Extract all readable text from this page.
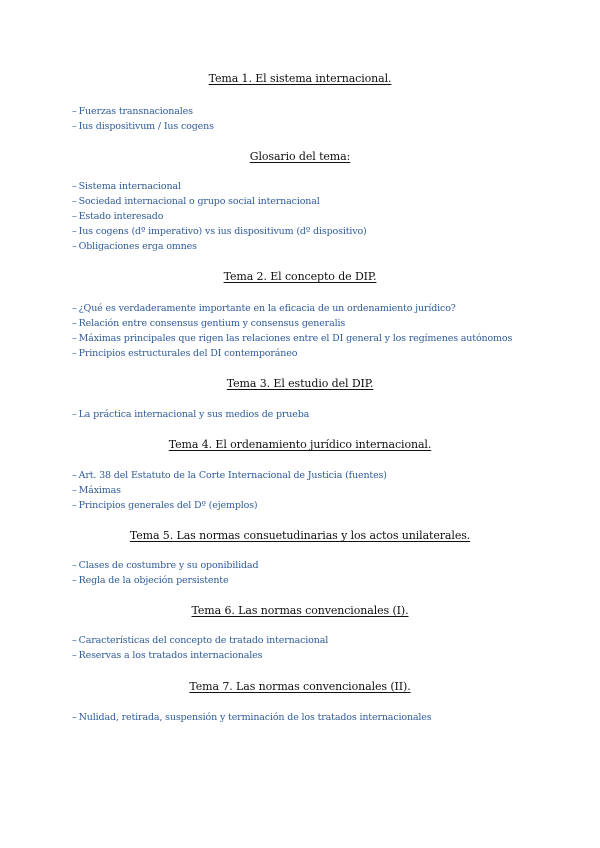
Tema 1. El sistema internacional.
– Fuerzas transnacionales
– Ius dispositivum / Ius cogens
Glosario del tema:
– Sistema internacional
– Sociedad internacional o grupo social internacional
– Estado interesado
– Ius cogens (dº imperativo) vs ius dispositivum (dº dispositivo)
– Obligaciones erga omnes
Tema 2. El concepto de DIP.
– ¿Qué es verdaderamente importante en la eficacia de un ordenamiento jurídico?
– Relación entre consensus gentium y consensus generalis
– Máximas principales que rigen las relaciones entre el DI general y los regímenes autónomos
– Principios estructurales del DI contemporáneo
Tema 3. El estudio del DIP.
– La práctica internacional y sus medios de prueba
Tema 4. El ordenamiento jurídico internacional.
– Art. 38 del Estatuto de la Corte Internacional de Justicia (fuentes)
– Máximas
– Principios generales del Dº (ejemplos)
Tema 5. Las normas consuetudinarias y los actos unilaterales.
– Clases de costumbre y su oponibilidad
– Regla de la objeción persistente
Tema 6. Las normas convencionales (I).
– Características del concepto de tratado internacional
– Reservas a los tratados internacionales
Tema 7. Las normas convencionales (II).
– Nulidad, retirada, suspensión y terminación de los tratados internacionales
